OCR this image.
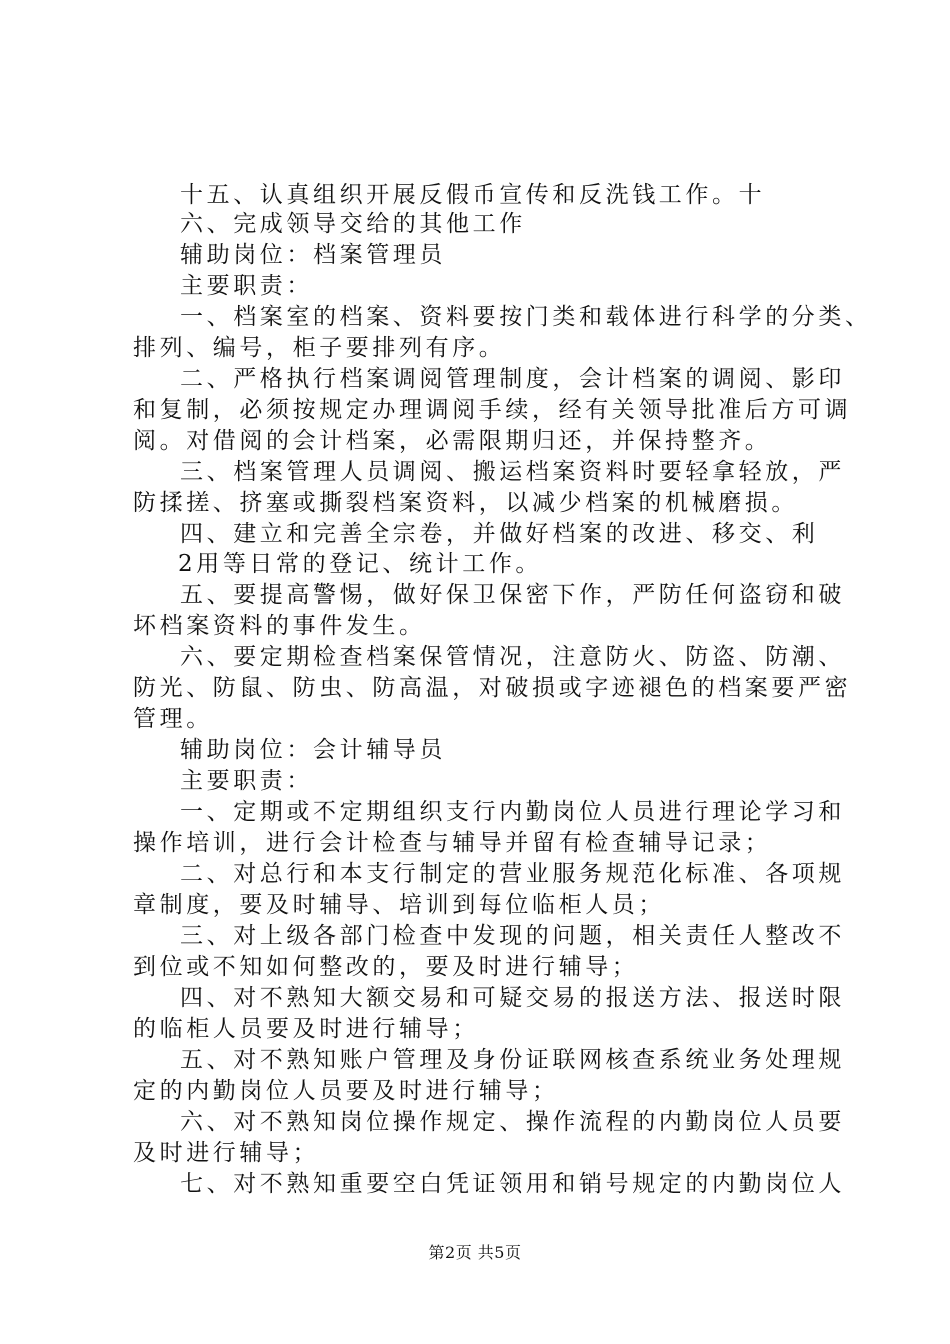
十五、认真组织开展反假币宣传和反洗钱工作。十
六、完成领导交给的其他工作
辅助岗位：档案管理员
主要职责：
一、档案室的档案、资料要按门类和载体进行科学的分类、
排列、编号，柜子要排列有序。
二、严格执行档案调阅管理制度，会计档案的调阅、影印
和复制，必须按规定办理调阅手续，经有关领导批准后方可调
阅。对借阅的会计档案，必需限期归还，并保持整齐。
三、档案管理人员调阅、搬运档案资料时要轻拿轻放，严
防揉搓、挤塞或撕裂档案资料，以减少档案的机械磨损。
四、建立和完善全宗卷，并做好档案的改进、移交、利
2用等日常的登记、统计工作。
五、要提高警惕，做好保卫保密下作，严防任何盗窃和破
坏档案资料的事件发生。
六、要定期检查档案保管情况，注意防火、防盗、防潮、
防光、防鼠、防虫、防高温，对破损或字迹褪色的档案要严密
管理。
辅助岗位：会计辅导员
主要职责：
一、定期或不定期组织支行内勤岗位人员进行理论学习和
操作培训，进行会计检查与辅导并留有检查辅导记录；
二、对总行和本支行制定的营业服务规范化标准、各项规
章制度，要及时辅导、培训到每位临柜人员；
三、对上级各部门检查中发现的问题，相关责任人整改不
到位或不知如何整改的，要及时进行辅导；
四、对不熟知大额交易和可疑交易的报送方法、报送时限
的临柜人员要及时进行辅导；
五、对不熟知账户管理及身份证联网核查系统业务处理规
定的内勤岗位人员要及时进行辅导；
六、对不熟知岗位操作规定、操作流程的内勤岗位人员要
及时进行辅导；
七、对不熟知重要空白凭证领用和销号规定的内勤岗位人
第2页 共5页
